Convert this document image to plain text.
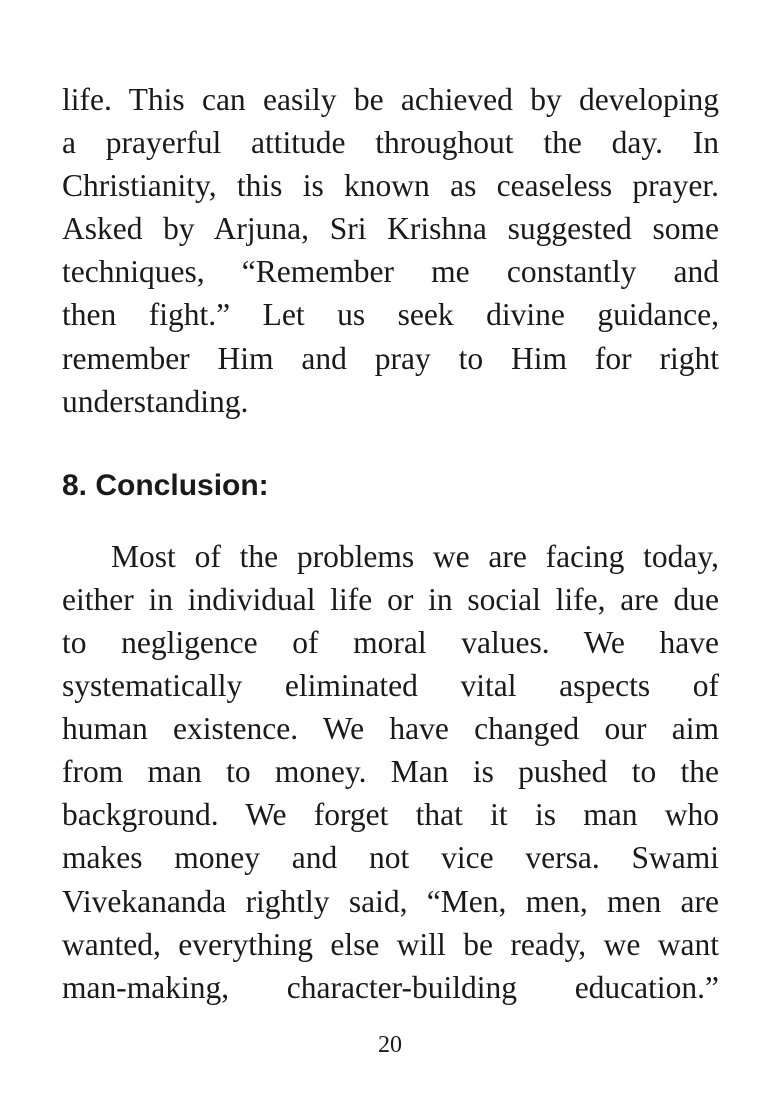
life. This can easily be achieved by developing
a prayerful attitude throughout the day. In
Christianity, this is known as ceaseless prayer.
Asked by Arjuna, Sri Krishna suggested some
techniques, “Remember me constantly and
then fight.” Let us seek divine guidance,
remember Him and pray to Him for right
understanding.

8. Conclusion:

Most of the problems we are facing today,
either in individual life or in social life, are due
to negligence of moral values. We have
systematically eliminated vital aspects of
human existence. We have changed our aim
from man to money. Man is pushed to the
background. We forget that it is man who
makes money and not vice versa. Swami
Vivekananda rightly said, “Men, men, men are
wanted, everything else will be ready, we want
man-making, character-building education.”

20
